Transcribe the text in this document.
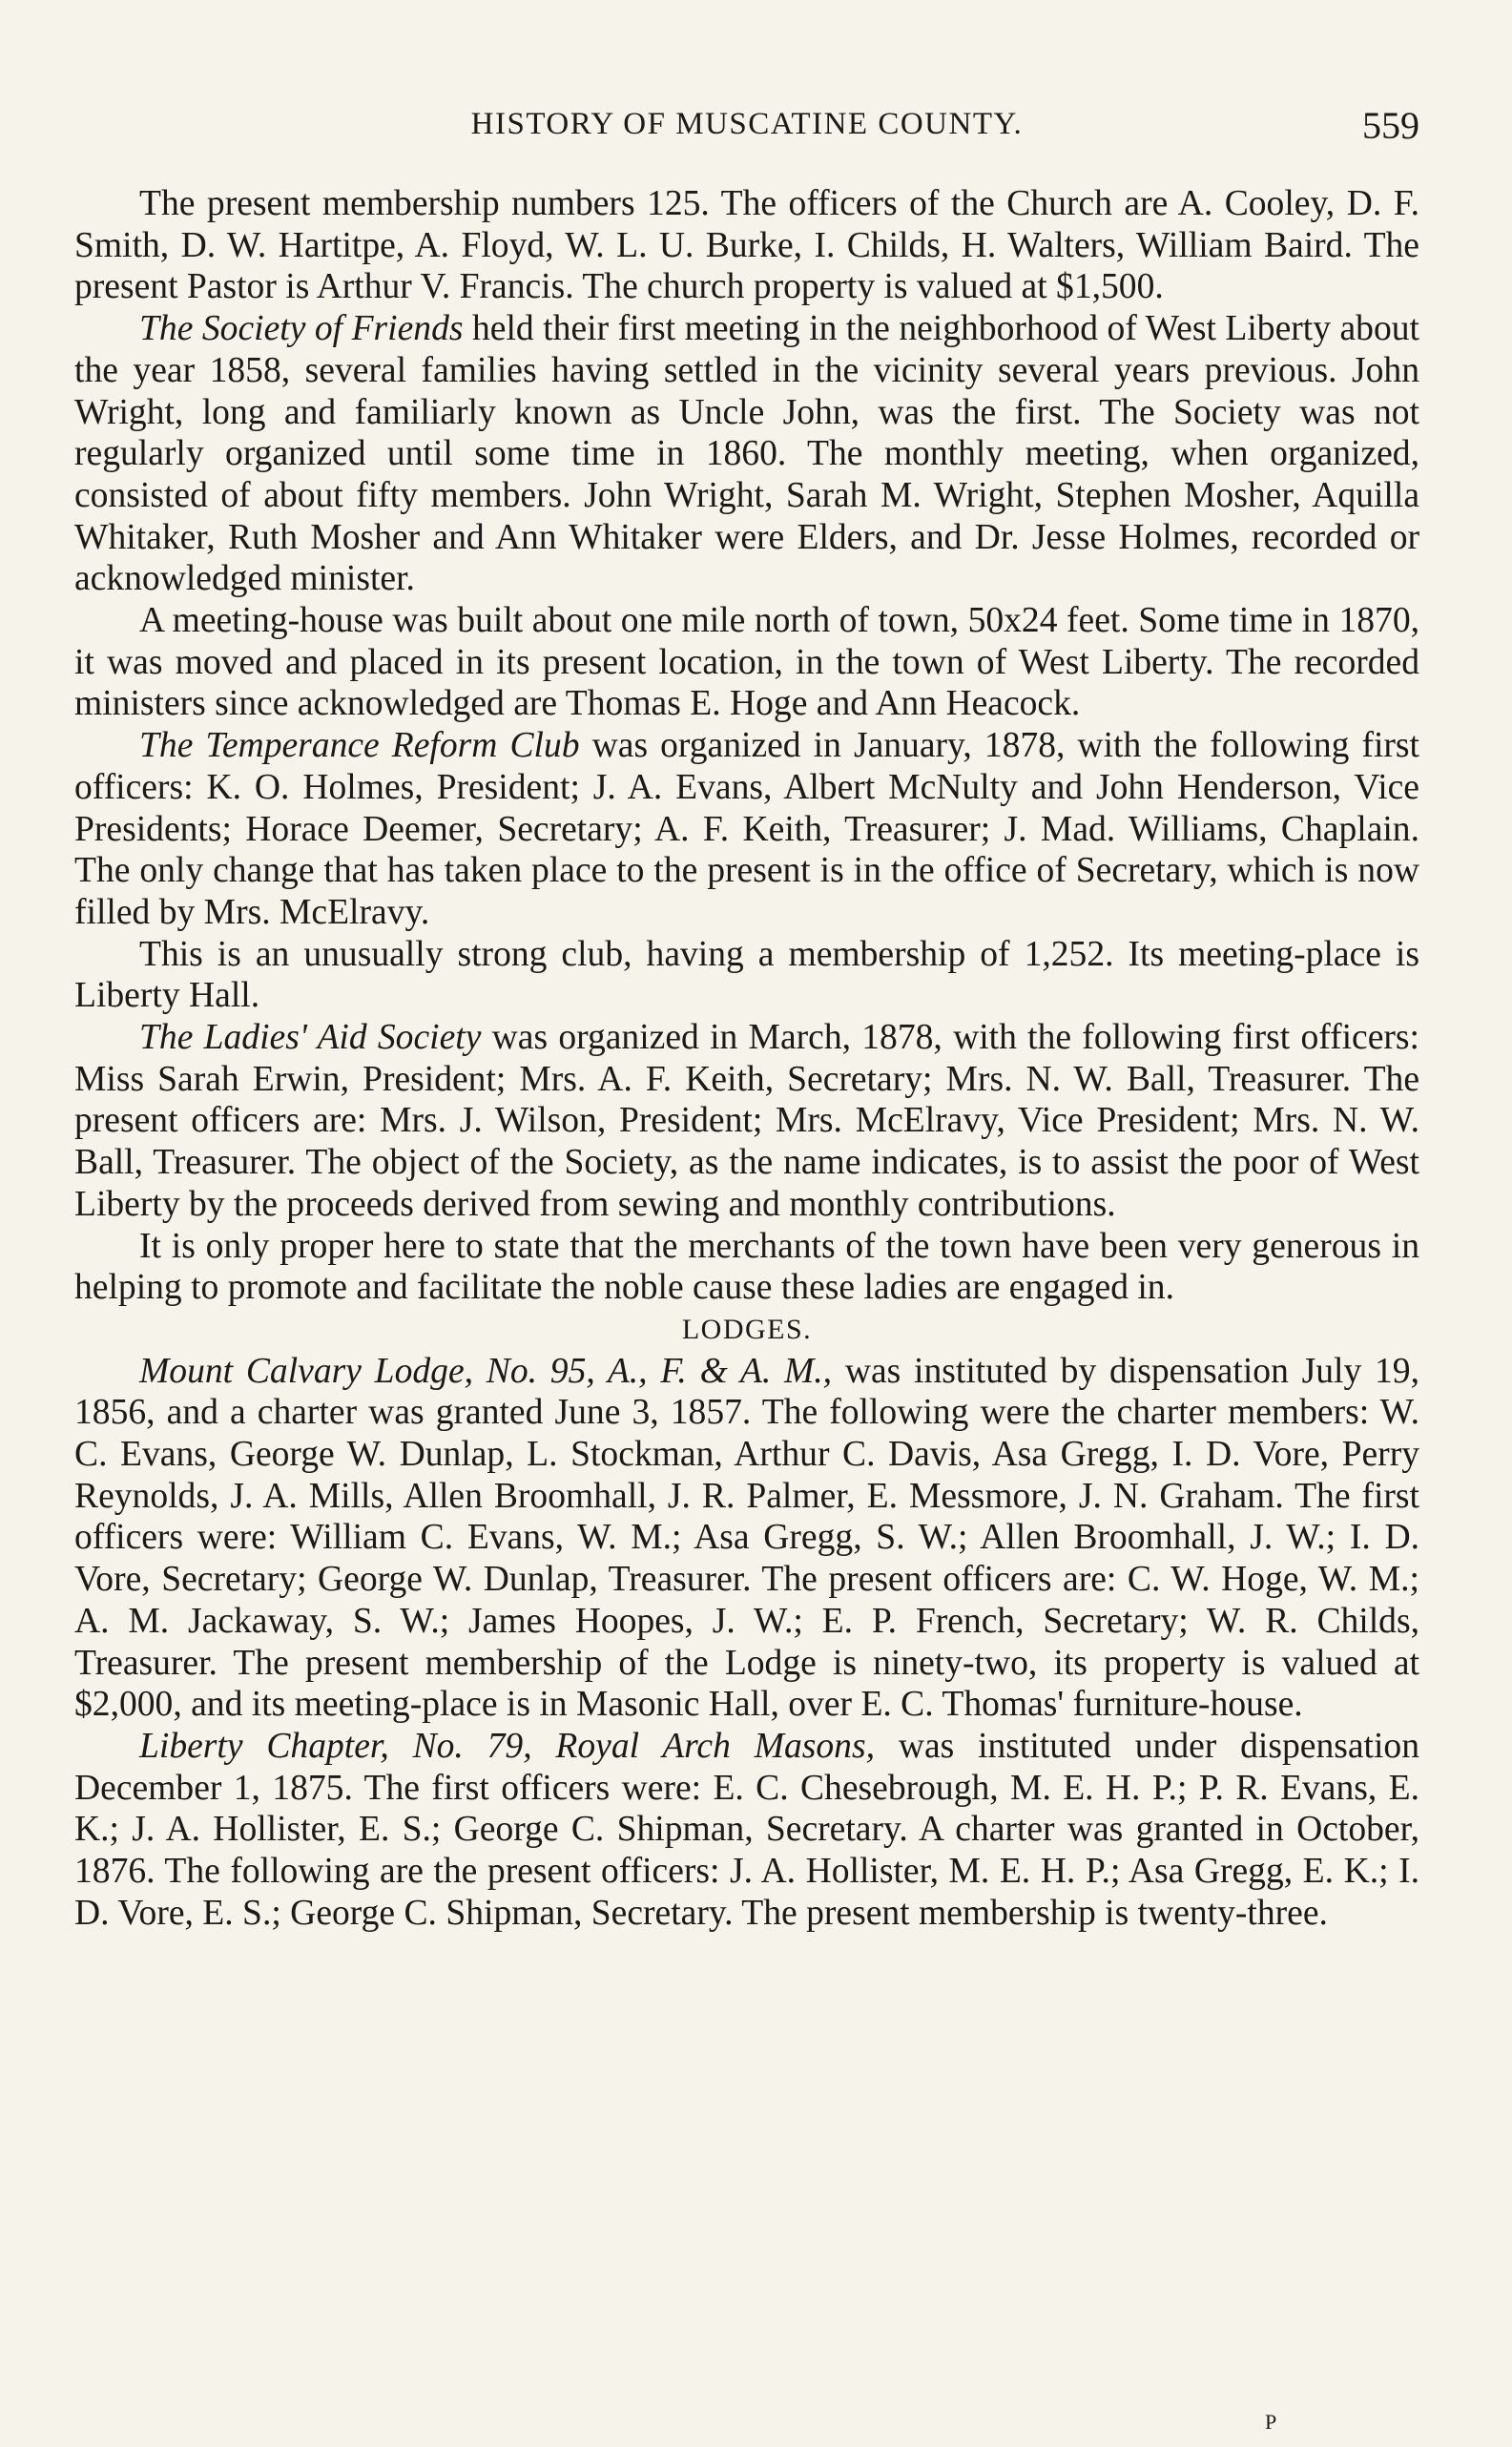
HISTORY OF MUSCATINE COUNTY.	559

The present membership numbers 125. The officers of the Church are A. Cooley, D. F. Smith, D. W. Hartitpe, A. Floyd, W. L. U. Burke, I. Childs, H. Walters, William Baird. The present Pastor is Arthur V. Francis. The church property is valued at $1,500.

The Society of Friends held their first meeting in the neighborhood of West Liberty about the year 1858, several families having settled in the vicinity several years previous. John Wright, long and familiarly known as Uncle John, was the first. The Society was not regularly organized until some time in 1860. The monthly meeting, when organized, consisted of about fifty members. John Wright, Sarah M. Wright, Stephen Mosher, Aquilla Whitaker, Ruth Mosher and Ann Whitaker were Elders, and Dr. Jesse Holmes, recorded or acknowledged minister.

A meeting-house was built about one mile north of town, 50x24 feet. Some time in 1870, it was moved and placed in its present location, in the town of West Liberty. The recorded ministers since acknowledged are Thomas E. Hoge and Ann Heacock.

The Temperance Reform Club was organized in January, 1878, with the following first officers: K. O. Holmes, President; J. A. Evans, Albert McNulty and John Henderson, Vice Presidents; Horace Deemer, Secretary; A. F. Keith, Treasurer; J. Mad. Williams, Chaplain. The only change that has taken place to the present is in the office of Secretary, which is now filled by Mrs. McElravy.

This is an unusually strong club, having a membership of 1,252. Its meeting-place is Liberty Hall.

The Ladies' Aid Society was organized in March, 1878, with the following first officers: Miss Sarah Erwin, President; Mrs. A. F. Keith, Secretary; Mrs. N. W. Ball, Treasurer. The present officers are: Mrs. J. Wilson, President; Mrs. McElravy, Vice President; Mrs. N. W. Ball, Treasurer. The object of the Society, as the name indicates, is to assist the poor of West Liberty by the proceeds derived from sewing and monthly contributions.

It is only proper here to state that the merchants of the town have been very generous in helping to promote and facilitate the noble cause these ladies are engaged in.

LODGES.

Mount Calvary Lodge, No. 95, A., F. & A. M., was instituted by dispensation July 19, 1856, and a charter was granted June 3, 1857. The following were the charter members: W. C. Evans, George W. Dunlap, L. Stockman, Arthur C. Davis, Asa Gregg, I. D. Vore, Perry Reynolds, J. A. Mills, Allen Broomhall, J. R. Palmer, E. Messmore, J. N. Graham. The first officers were: William C. Evans, W. M.; Asa Gregg, S. W.; Allen Broomhall, J. W.; I. D. Vore, Secretary; George W. Dunlap, Treasurer. The present officers are: C. W. Hoge, W. M.; A. M. Jackaway, S. W.; James Hoopes, J. W.; E. P. French, Secretary; W. R. Childs, Treasurer. The present membership of the Lodge is ninety-two, its property is valued at $2,000, and its meeting-place is in Masonic Hall, over E. C. Thomas' furniture-house.

Liberty Chapter, No. 79, Royal Arch Masons, was instituted under dispensation December 1, 1875. The first officers were: E. C. Chesebrough, M. E. H. P.; P. R. Evans, E. K.; J. A. Hollister, E. S.; George C. Shipman, Secretary. A charter was granted in October, 1876. The following are the present officers: J. A. Hollister, M. E. H. P.; Asa Gregg, E. K.; I. D. Vore, E. S.; George C. Shipman, Secretary. The present membership is twenty-three.

P
